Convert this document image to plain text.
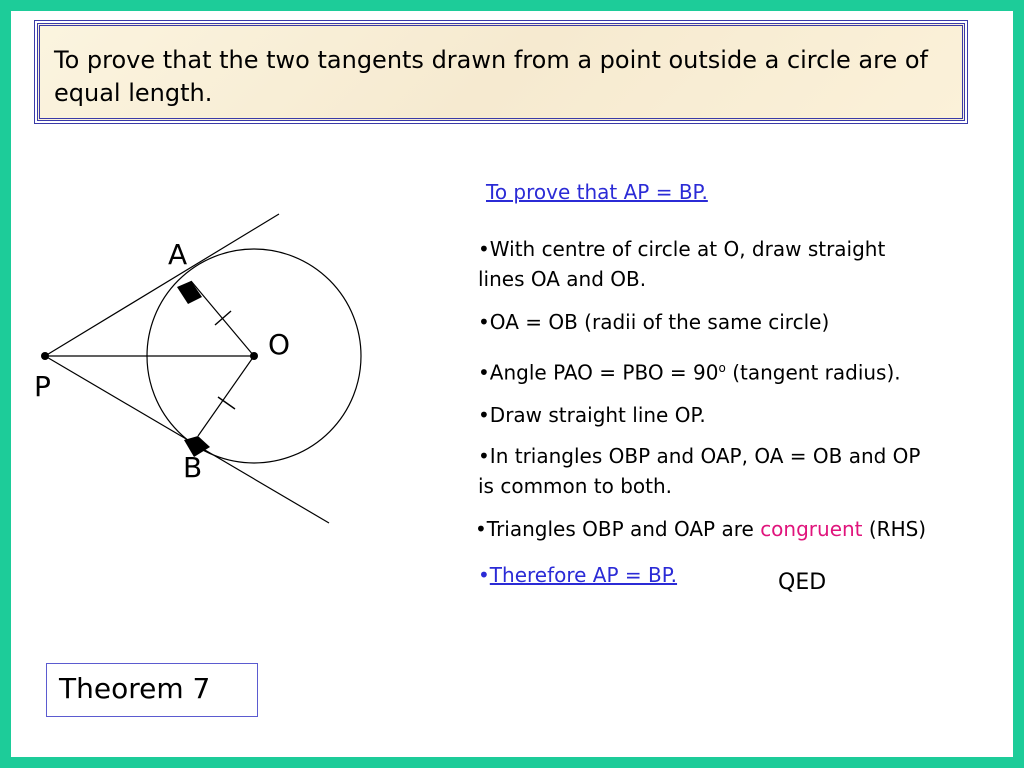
To prove that the two tangents drawn from a point outside a circle are of equal length.
A
O
P
B
To prove that AP = BP.
•With centre of circle at O, draw straight
lines OA and OB.
•OA = OB (radii of the same circle)
•Angle PAO = PBO = $90^o$ (tangent radius).
•Draw straight line OP.
•In triangles OBP and OAP, OA = OB and OP
is common to both.
•Triangles OBP and OAP are congruent (RHS)
•Therefore AP = BP.	QED
Theorem 7
